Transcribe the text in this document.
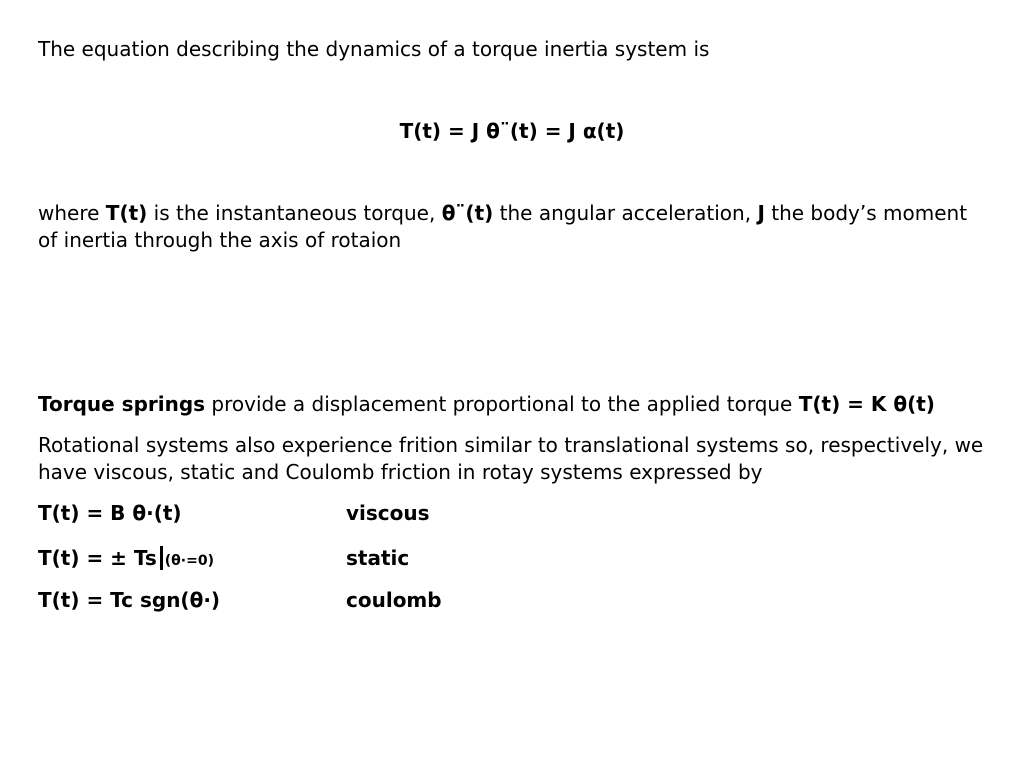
The equation describing the dynamics of a torque inertia system is
T(t) = J θ¨(t) = J α(t)
where T(t) is the instantaneous torque, θ¨(t) the angular acceleration, J the body’s moment of inertia through the axis of rotaion
Torque springs provide a displacement proportional to the applied torque T(t) = K θ(t)
Rotational systems also experience frition similar to translational systems so, respectively, we have viscous, static and Coulomb friction in rotay systems expressed by
T(t) = B θ·(t)	viscous
T(t) = ± Ts (θ·=0)	static
T(t) = Tc sgn(θ·)	coulomb
